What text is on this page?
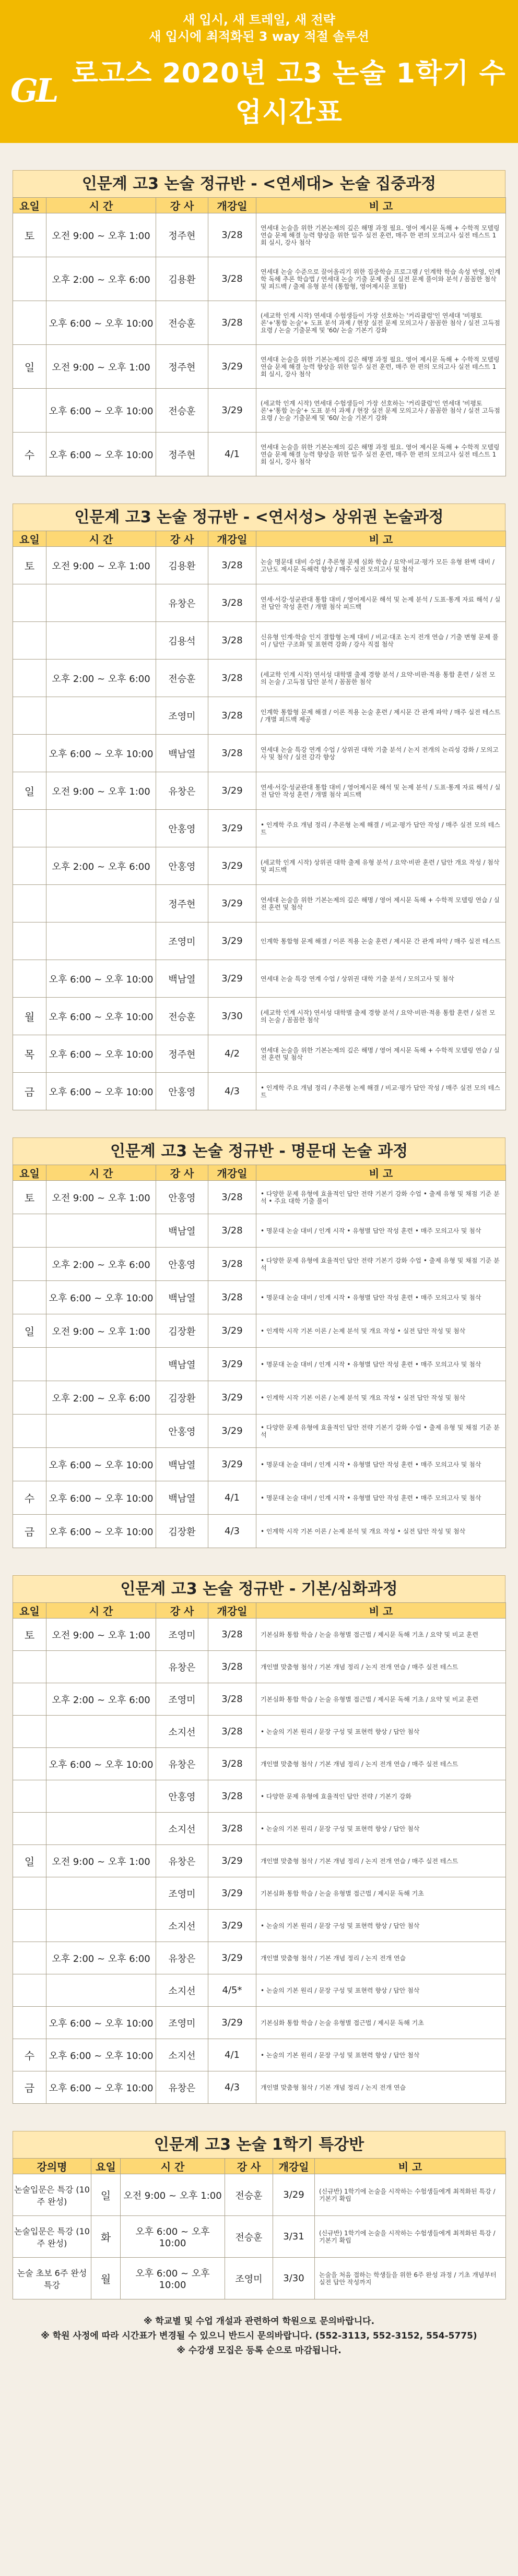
새 입시, 새 트레일, 새 전략
새 입시에 최적화된 3 way 적절 솔루션
GL 로고스 2020년 고3 논술 1학기 수업시간표
인문계 고3 논술 정규반 - <연세대> 논술 집중과정
요일	시 간	강 사	개강일	비 고
토	오전 9:00 ~ 오후 1:00	정주현	3/28	연세대 논술을 위한 기본논제의 깊은 해명 과정 필요. 영어 제시문 독해 + 수학적 모델링 연습 문제 해결 능력 향상을 위한 일주 실전 훈련, 매주 한 편의 모의고사 실전 테스트 1회 실시, 강사 첨삭
	오후 2:00 ~ 오후 6:00	김용환	3/28	연세대 논술 수준으로 끌어올리기 위한 집중학습 프로그램 / 인계학 학습 속성 반영, 인계학 독해 추론 학습법 / 연세대 논술 기출 문제 중심 실전 문제 풀이와 분석 / 꼼꼼한 첨삭 및 피드백 / 출제 유형 분석 (통합형, 영어제시문 포함)
	오후 6:00 ~ 오후 10:00	전승훈	3/28	(세교학 인계 시작) 연세대 수험생들이 가장 선호하는 '커리큘럼'인 연세대 '비평토론'+'통합 논술'+ 도표 분석 과제 / 현장 실전 문제 모의고사 / 꼼꼼한 첨삭 / 실전 고득점 요령 / 논술 기출문제 및 '60/ 논술 기본기 강화
일	오전 9:00 ~ 오후 1:00	정주현	3/29	연세대 논술을 위한 기본논제의 깊은 해명 과정 필요. 영어 제시문 독해 + 수학적 모델링 연습 문제 해결 능력 향상을 위한 일주 실전 훈련, 매주 한 편의 모의고사 실전 테스트 1회 실시, 강사 첨삭
	오후 6:00 ~ 오후 10:00	전승훈	3/29	(세교학 인계 시작) 연세대 수험생들이 가장 선호하는 '커리큘럼'인 연세대 '비평토론'+'통합 논술'+ 도표 분석 과제 / 현장 실전 문제 모의고사 / 꼼꼼한 첨삭 / 실전 고득점 요령 / 논술 기출문제 및 '60/ 논술 기본기 강화
수	오후 6:00 ~ 오후 10:00	정주현	4/1	연세대 논술을 위한 기본논제의 깊은 해명 과정 필요. 영어 제시문 독해 + 수학적 모델링 연습 문제 해결 능력 향상을 위한 일주 실전 훈련, 매주 한 편의 모의고사 실전 테스트 1회 실시, 강사 첨삭
인문계 고3 논술 정규반 - <연서성> 상위권 논술과정
요일	시 간	강 사	개강일	비 고
토	오전 9:00 ~ 오후 1:00	김용환	3/28	논술 명문대 대비 수업 / 추론형 문제 심화 학습 / 요약·비교·평가 모든 유형 완벽 대비 / 고난도 제시문 독해력 향상 / 매주 실전 모의고사 및 첨삭
		유창은	3/28	연세·서강·성균관대 통합 대비 / 영어제시문 해석 및 논제 분석 / 도표·통계 자료 해석 / 실전 답안 작성 훈련 / 개별 첨삭 피드백
		김용석	3/28	신유형 인계·학술 인지 결합형 논제 대비 / 비교·대조 논지 전개 연습 / 기출 변형 문제 풀이 / 답안 구조화 및 표현력 강화 / 강사 직접 첨삭
	오후 2:00 ~ 오후 6:00	전승훈	3/28	(세교학 인계 시작) 연서성 대학별 출제 경향 분석 / 요약·비판·적용 통합 훈련 / 실전 모의 논술 / 고득점 답안 분석 / 꼼꼼한 첨삭
		조영미	3/28	인계학 통합형 문제 해결 / 이론 적용 논술 훈련 / 제시문 간 관계 파악 / 매주 실전 테스트 / 개별 피드백 제공
	오후 6:00 ~ 오후 10:00	백남열	3/28	연세대 논술 특강 연계 수업 / 상위권 대학 기출 분석 / 논지 전개의 논리성 강화 / 모의고사 및 첨삭 / 실전 감각 향상
일	오전 9:00 ~ 오후 1:00	유창은	3/29	연세·서강·성균관대 통합 대비 / 영어제시문 해석 및 논제 분석 / 도표·통계 자료 해석 / 실전 답안 작성 훈련 / 개별 첨삭 피드백
		안홍영	3/29	• 인계학 주요 개념 정리 / 추론형 논제 해결 / 비교·평가 답안 작성 / 매주 실전 모의 테스트
	오후 2:00 ~ 오후 6:00	안홍영	3/29	(세교학 인계 시작) 상위권 대학 출제 유형 분석 / 요약·비판 훈련 / 답안 개요 작성 / 첨삭 및 피드백
		정주현	3/29	연세대 논술을 위한 기본논제의 깊은 해명 / 영어 제시문 독해 + 수학적 모델링 연습 / 실전 훈련 및 첨삭
		조영미	3/29	인계학 통합형 문제 해결 / 이론 적용 논술 훈련 / 제시문 간 관계 파악 / 매주 실전 테스트
	오후 6:00 ~ 오후 10:00	백남열	3/29	연세대 논술 특강 연계 수업 / 상위권 대학 기출 분석 / 모의고사 및 첨삭
월	오후 6:00 ~ 오후 10:00	전승훈	3/30	(세교학 인계 시작) 연서성 대학별 출제 경향 분석 / 요약·비판·적용 통합 훈련 / 실전 모의 논술 / 꼼꼼한 첨삭
목	오후 6:00 ~ 오후 10:00	정주현	4/2	연세대 논술을 위한 기본논제의 깊은 해명 / 영어 제시문 독해 + 수학적 모델링 연습 / 실전 훈련 및 첨삭
금	오후 6:00 ~ 오후 10:00	안홍영	4/3	• 인계학 주요 개념 정리 / 추론형 논제 해결 / 비교·평가 답안 작성 / 매주 실전 모의 테스트
인문계 고3 논술 정규반 - 명문대 논술 과정
요일	시 간	강 사	개강일	비 고
토	오전 9:00 ~ 오후 1:00	안홍영	3/28	• 다양한 문제 유형에 효율적인 답안 전략 기본기 강화 수업 • 출제 유형 및 채점 기준 분석 • 주요 대학 기출 풀이
		백남열	3/28	• 명문대 논술 대비 / 인계 시작 • 유형별 답안 작성 훈련 • 매주 모의고사 및 첨삭
	오후 2:00 ~ 오후 6:00	안홍영	3/28	• 다양한 문제 유형에 효율적인 답안 전략 기본기 강화 수업 • 출제 유형 및 채점 기준 분석
	오후 6:00 ~ 오후 10:00	백남열	3/28	• 명문대 논술 대비 / 인계 시작 • 유형별 답안 작성 훈련 • 매주 모의고사 및 첨삭
일	오전 9:00 ~ 오후 1:00	김장환	3/29	• 인계학 시작 기본 이론 / 논제 분석 및 개요 작성 • 실전 답안 작성 및 첨삭
		백남열	3/29	• 명문대 논술 대비 / 인계 시작 • 유형별 답안 작성 훈련 • 매주 모의고사 및 첨삭
	오후 2:00 ~ 오후 6:00	김장환	3/29	• 인계학 시작 기본 이론 / 논제 분석 및 개요 작성 • 실전 답안 작성 및 첨삭
		안홍영	3/29	• 다양한 문제 유형에 효율적인 답안 전략 기본기 강화 수업 • 출제 유형 및 채점 기준 분석
	오후 6:00 ~ 오후 10:00	백남열	3/29	• 명문대 논술 대비 / 인계 시작 • 유형별 답안 작성 훈련 • 매주 모의고사 및 첨삭
수	오후 6:00 ~ 오후 10:00	백남열	4/1	• 명문대 논술 대비 / 인계 시작 • 유형별 답안 작성 훈련 • 매주 모의고사 및 첨삭
금	오후 6:00 ~ 오후 10:00	김장환	4/3	• 인계학 시작 기본 이론 / 논제 분석 및 개요 작성 • 실전 답안 작성 및 첨삭
인문계 고3 논술 정규반 - 기본/심화과정
요일	시 간	강 사	개강일	비 고
토	오전 9:00 ~ 오후 1:00	조영미	3/28	기본심화 통합 학습 / 논술 유형별 접근법 / 제시문 독해 기초 / 요약 및 비교 훈련
		유창은	3/28	개인별 맞춤형 첨삭 / 기본 개념 정리 / 논지 전개 연습 / 매주 실전 테스트
	오후 2:00 ~ 오후 6:00	조영미	3/28	기본심화 통합 학습 / 논술 유형별 접근법 / 제시문 독해 기초 / 요약 및 비교 훈련
		소지선	3/28	• 논술의 기본 원리 / 문장 구성 및 표현력 향상 / 답안 첨삭
	오후 6:00 ~ 오후 10:00	유창은	3/28	개인별 맞춤형 첨삭 / 기본 개념 정리 / 논지 전개 연습 / 매주 실전 테스트
		안홍영	3/28	• 다양한 문제 유형에 효율적인 답안 전략 / 기본기 강화
		소지선	3/28	• 논술의 기본 원리 / 문장 구성 및 표현력 향상 / 답안 첨삭
일	오전 9:00 ~ 오후 1:00	유창은	3/29	개인별 맞춤형 첨삭 / 기본 개념 정리 / 논지 전개 연습 / 매주 실전 테스트
		조영미	3/29	기본심화 통합 학습 / 논술 유형별 접근법 / 제시문 독해 기초
		소지선	3/29	• 논술의 기본 원리 / 문장 구성 및 표현력 향상 / 답안 첨삭
	오후 2:00 ~ 오후 6:00	유창은	3/29	개인별 맞춤형 첨삭 / 기본 개념 정리 / 논지 전개 연습
		소지선	4/5*	• 논술의 기본 원리 / 문장 구성 및 표현력 향상 / 답안 첨삭
	오후 6:00 ~ 오후 10:00	조영미	3/29	기본심화 통합 학습 / 논술 유형별 접근법 / 제시문 독해 기초
수	오후 6:00 ~ 오후 10:00	소지선	4/1	• 논술의 기본 원리 / 문장 구성 및 표현력 향상 / 답안 첨삭
금	오후 6:00 ~ 오후 10:00	유창은	4/3	개인별 맞춤형 첨삭 / 기본 개념 정리 / 논지 전개 연습
인문계 고3 논술 1학기 특강반
강의명	요일	시 간	강 사	개강일	비 고
논술입문은 특강 (10주 완성)	일	오전 9:00 ~ 오후 1:00	전승훈	3/29	(신규반) 1학기에 논술을 시작하는 수험생들에게 최적화된 특강 / 기본기 확립
논술입문은 특강 (10주 완성)	화	오후 6:00 ~ 오후 10:00	전승훈	3/31	(신규반) 1학기에 논술을 시작하는 수험생들에게 최적화된 특강 / 기본기 확립
논술 초보 6주 완성 특강	월	오후 6:00 ~ 오후 10:00	조영미	3/30	논술을 처음 접하는 학생들을 위한 6주 완성 과정 / 기초 개념부터 실전 답안 작성까지
※ 학교별 및 수업 개설과 관련하여 학원으로 문의바랍니다.
※ 학원 사정에 따라 시간표가 변경될 수 있으니 반드시 문의바랍니다. (552-3113, 552-3152, 554-5775)
※ 수강생 모집은 등록 순으로 마감됩니다.
